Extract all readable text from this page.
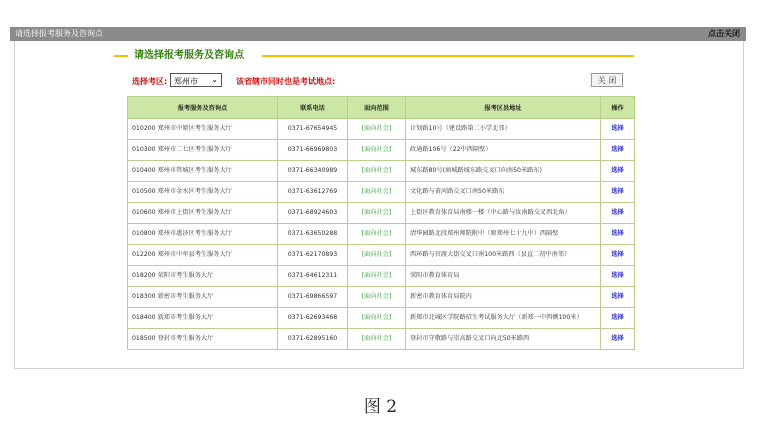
请选择报考服务及咨询点	点击关闭
请选择报考服务及咨询点
选择考区: 郑州市 ⌄ 该省辖市同时也是考试地点:	关 闭
报考服务及咨询点	联系电话	面向范围	报考区县地址	操作
010200 郑州市中原区考生服务大厅	0371-67654945	[面向社会]	计划路10号（建设路第二小学北邻）	选择
010300 郑州市二七区考生服务大厅	0371-66969803	[面向社会]	政通路106号（22中西隔壁）	选择
010400 郑州市管城区考生服务大厅	0371-66340989	[面向社会]	城东路80号(商城路城东路交叉口向南50米路东)	选择
010500 郑州市金水区考生服务大厅	0371-63612769	[面向社会]	文化路与黄河路交叉口南50米路东	选择
010600 郑州市上街区考生服务大厅	0371-68924603	[面向社会]	上街区教育体育局南楼一楼（中心路与汝南路交叉西北角）	选择
010800 郑州市惠济区考生服务大厅	0371-63650288	[面向社会]	清华园路北段郑州师院附中（原郑州七十九中）西隔壁	选择
012200 郑州市中牟县考生服务大厅	0371-62170893	[面向社会]	西环路与官渡大街交叉口南100米路西（县直二初中南邻）	选择
018200 荥阳市考生服务大厅	0371-64612311	[面向社会]	荥阳市教育体育局	选择
018300 新密市考生服务大厅	0371-69866597	[面向社会]	新密市教育体育局院内	选择
018400 新郑市考生服务大厅	0371-62693468	[面向社会]	新郑市北城区学院路招生考试服务大厅（新郑一中西侧100米）	选择
018500 登封市考生服务大厅	0371-62895160	[面向社会]	登封市守敬路与崇高路交叉口向北50米路西	选择
图 2
